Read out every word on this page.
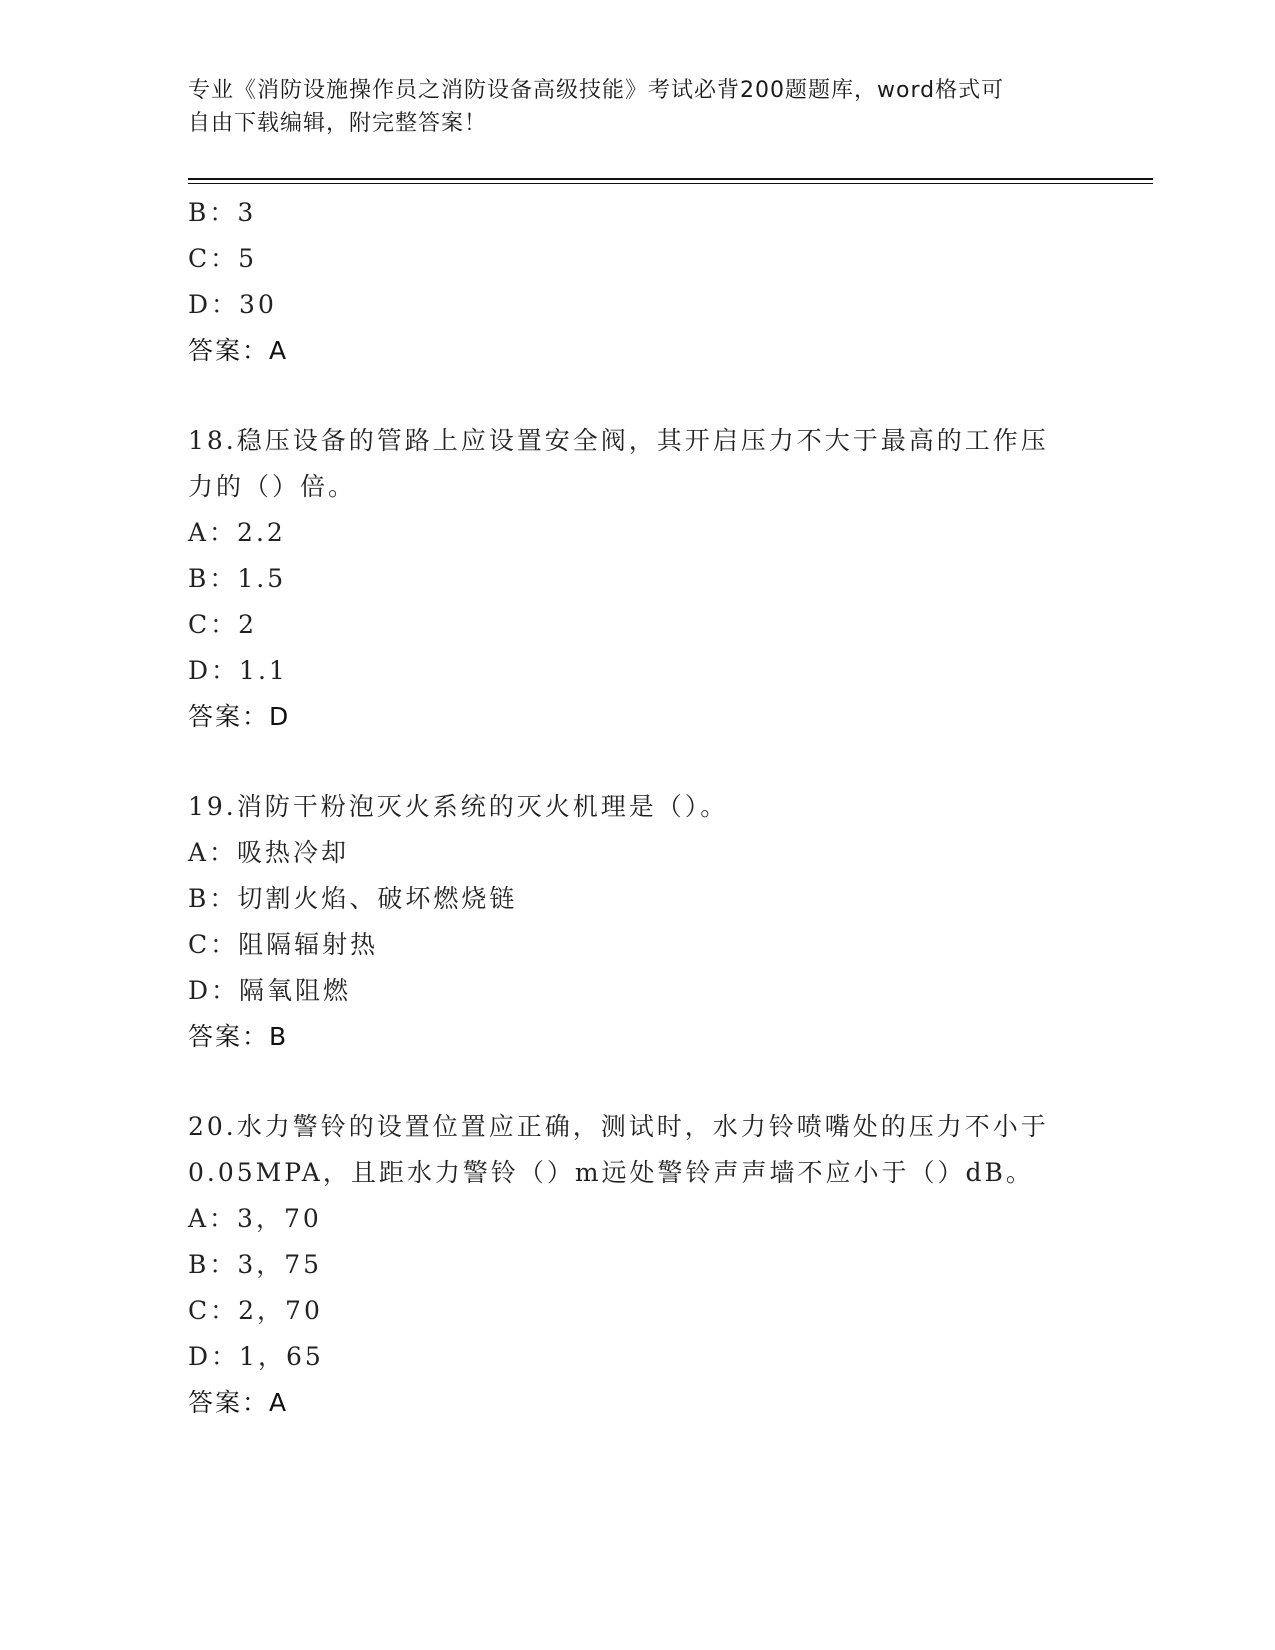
专业《消防设施操作员之消防设备高级技能》考试必背200题题库，word格式可
自由下载编辑，附完整答案！
B：3
C：5
D：30
答案：A
18.稳压设备的管路上应设置安全阀，其开启压力不大于最高的工作压
力的（）倍。
A：2.2
B：1.5
C：2
D：1.1
答案：D
19.消防干粉泡灭火系统的灭火机理是（）。
A：吸热冷却
B：切割火焰、破坏燃烧链
C：阻隔辐射热
D：隔氧阻燃
答案：B
20.水力警铃的设置位置应正确，测试时，水力铃喷嘴处的压力不小于
0.05MPA，且距水力警铃（）m远处警铃声声墙不应小于（）dB。
A：3，70
B：3，75
C：2，70
D：1，65
答案：A
